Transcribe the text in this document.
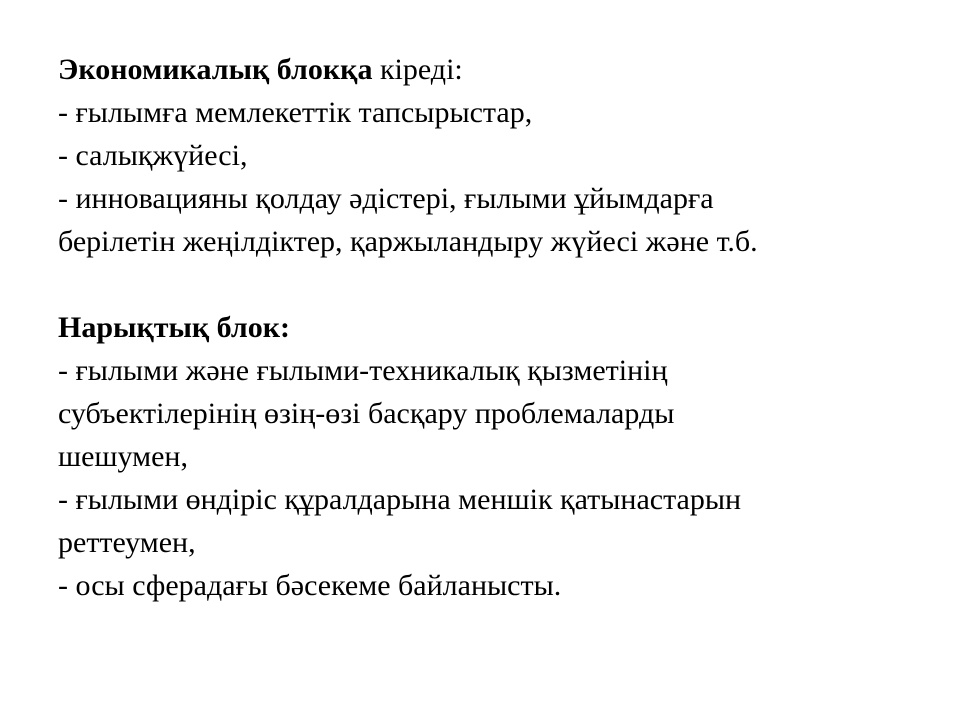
Экономикалық блокқа кіреді:
- ғылымға мемлекеттік тапсырыстар,
- салықжүйесі,
- инновацияны қолдау әдістері, ғылыми ұйымдарға
берілетін жеңілдіктер, қаржыландыру жүйесі және т.б.
Нарықтық блок:
- ғылыми және ғылыми-техникалық қызметінің
субъектілерінің өзің-өзі басқару проблемаларды
шешумен,
- ғылыми өндіріс құралдарына меншік қатынастарын
реттеумен,
- осы сферадағы бәсекеме байланысты.
